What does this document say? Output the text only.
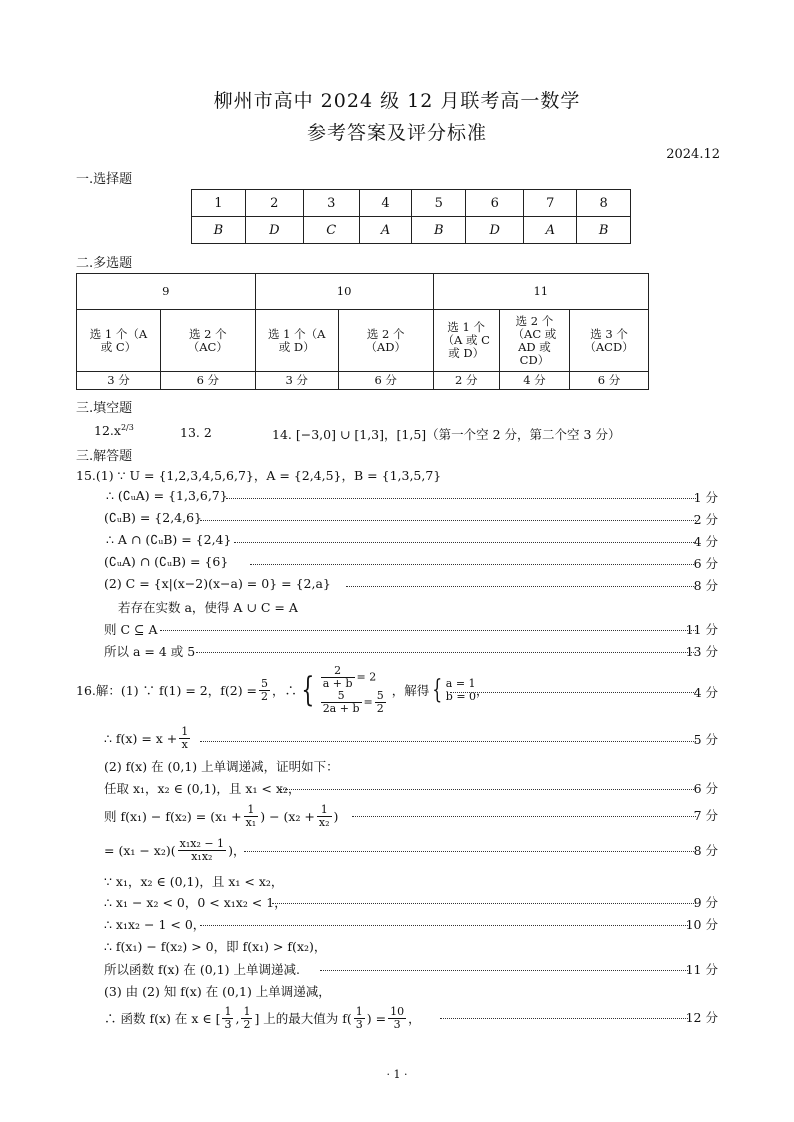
柳州市高中 2024 级 12 月联考高一数学
参考答案及评分标准
2024.12
一.选择题
1	2	3	4	5	6	7	8
B	D	C	A	B	D	A	B
二.多选题
9		10		11		
选 1 个（A 或 C）	选 2 个（AC）	选 1 个（A 或 D）	选 2 个（AD）	选 1 个（A 或 C 或 D）	选 2 个（AC 或 AD 或 CD）	选 3 个（ACD）
3 分	6 分	3 分	6 分	2 分	4 分	6 分
三.填空题
$12.x^{2/3}$	13. 2	14. [−3,0] ∪ [1,3]，[1,5]（第一个空 2 分，第二个空 3 分）
三.解答题
15.(1) ∵ U = {1,2,3,4,5,6,7}，A = {2,4,5}，B = {1,3,5,7}
∴ (∁ᵤA) = {1,3,6,7}	1 分
(∁ᵤB) = {2,4,6}	2 分
∴ A ∩ (∁ᵤB) = {2,4}	4 分
(∁ᵤA) ∩ (∁ᵤB) = {6}	6 分
(2) C = {x|(x−2)(x−a) = 0} = {2,a}	8 分
若存在实数 a，使得 A ∪ C = A
则 C ⊆ A	11 分
所以 a = 4 或 5	13 分
16.解：(1) ∵ f(1) = 2，$f(2) = \frac{5}{2}$ ，∴ { $\frac{2}{a + b} = 2$
$\frac{5}{2a + b} = \frac{5}{2}$ ，解得 { a = 1
b = 0 ，	4 分
∴ $f(x) = x + \frac{1}{x}$	5 分
(2) f(x) 在 (0,1) 上单调递减，证明如下：
任取 x₁，x₂ ∈ (0,1)，且 x₁ < x₂，	6 分
则 $f(x_1) - f(x_2) = (x_1 + \frac{1}{\text{x₁}}$ ) − ($x_2 + \frac{1}{\text{x₂}}$ )	7 分
= $(x_1 - x_2)( \frac{\text{x₁x₂ − 1}}{\text{x₁x₂}}$ )，	8 分
∵ x₁，x₂ ∈ (0,1)，且 x₁ < x₂，
∴ x₁ − x₂ < 0，0 < x₁x₂ < 1，	9 分
∴ x₁x₂ − 1 < 0，	10 分
∴ f(x₁) − f(x₂) > 0，即 f(x₁) > f(x₂)，
所以函数 f(x) 在 (0,1) 上单调递减.	11 分
(3) 由 (2) 知 f(x) 在 (0,1) 上单调递减，
∴ 函数 f(x) 在 x ∈ [ $\frac{1}{3}$ , $\frac{1}{2}$ ] 上的最大值为 $f( \frac{1}{3}$ ) = $\frac{10}{3}$ ，	12 分
· 1 ·
